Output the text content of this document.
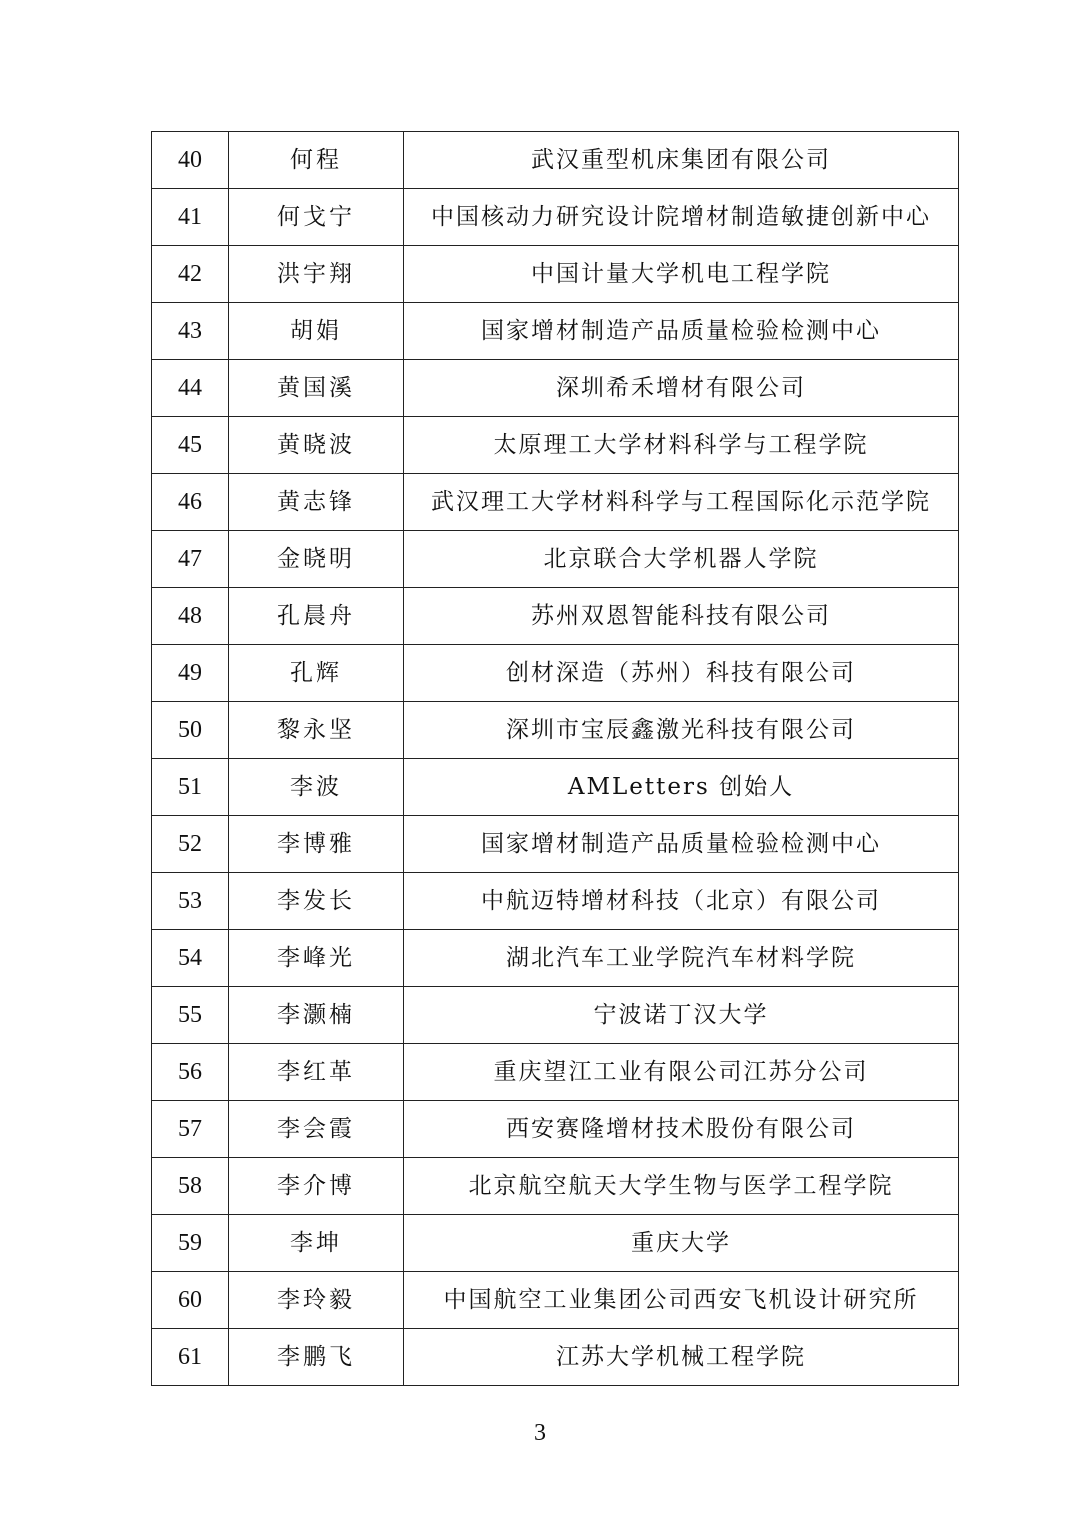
40	何程	武汉重型机床集团有限公司
41	何戈宁	中国核动力研究设计院增材制造敏捷创新中心
42	洪宇翔	中国计量大学机电工程学院
43	胡娟	国家增材制造产品质量检验检测中心
44	黄国溪	深圳希禾增材有限公司
45	黄晓波	太原理工大学材料科学与工程学院
46	黄志锋	武汉理工大学材料科学与工程国际化示范学院
47	金晓明	北京联合大学机器人学院
48	孔晨舟	苏州双恩智能科技有限公司
49	孔辉	创材深造（苏州）科技有限公司
50	黎永坚	深圳市宝辰鑫激光科技有限公司
51	李波	AMLetters 创始人
52	李博雅	国家增材制造产品质量检验检测中心
53	李发长	中航迈特增材科技（北京）有限公司
54	李峰光	湖北汽车工业学院汽车材料学院
55	李灏楠	宁波诺丁汉大学
56	李红革	重庆望江工业有限公司江苏分公司
57	李会霞	西安赛隆增材技术股份有限公司
58	李介博	北京航空航天大学生物与医学工程学院
59	李坤	重庆大学
60	李玲毅	中国航空工业集团公司西安飞机设计研究所
61	李鹏飞	江苏大学机械工程学院
3
